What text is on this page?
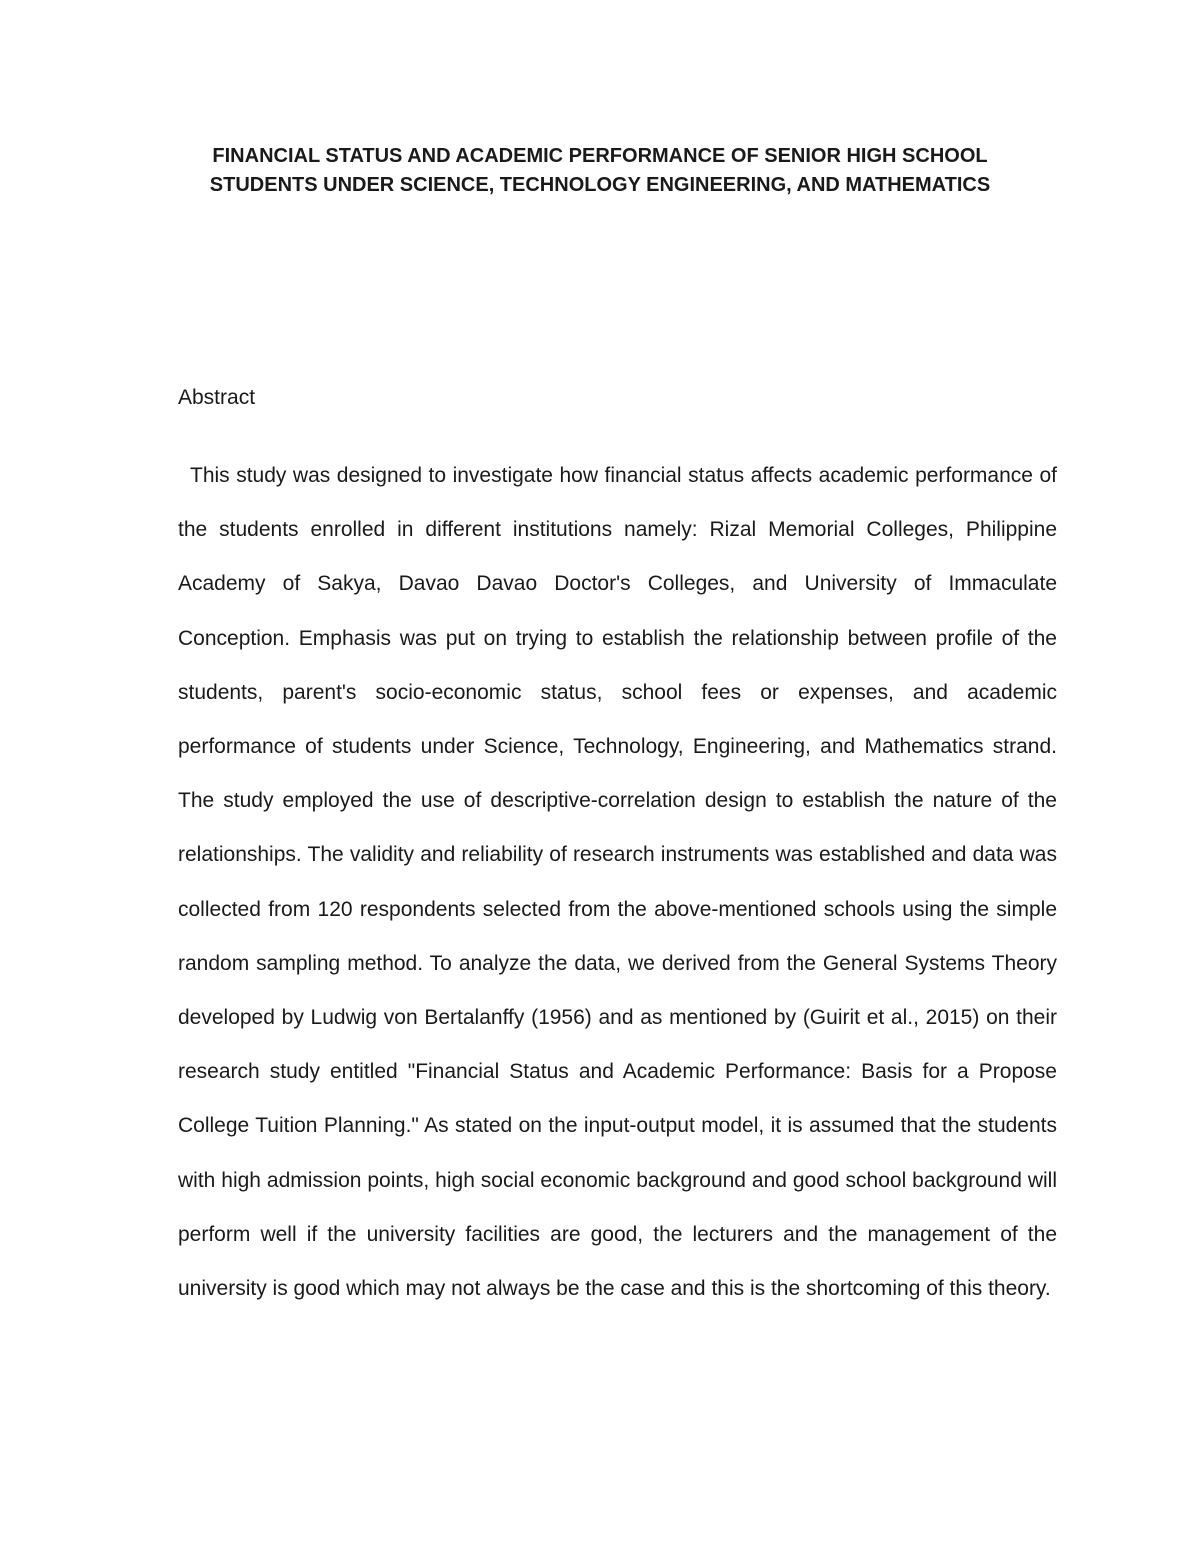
FINANCIAL STATUS AND ACADEMIC PERFORMANCE OF SENIOR HIGH SCHOOL STUDENTS UNDER SCIENCE, TECHNOLOGY ENGINEERING, AND MATHEMATICS
Abstract

This study was designed to investigate how financial status affects academic performance of the students enrolled in different institutions namely: Rizal Memorial Colleges, Philippine Academy of Sakya, Davao Davao Doctor's Colleges, and University of Immaculate Conception. Emphasis was put on trying to establish the relationship between profile of the students, parent's socio-economic status, school fees or expenses, and academic performance of students under Science, Technology, Engineering, and Mathematics strand. The study employed the use of descriptive-correlation design to establish the nature of the relationships. The validity and reliability of research instruments was established and data was collected from 120 respondents selected from the above-mentioned schools using the simple random sampling method. To analyze the data, we derived from the General Systems Theory developed by Ludwig von Bertalanffy (1956) and as mentioned by (Guirit et al., 2015) on their research study entitled "Financial Status and Academic Performance: Basis for a Propose College Tuition Planning." As stated on the input-output model, it is assumed that the students with high admission points, high social economic background and good school background will perform well if the university facilities are good, the lecturers and the management of the university is good which may not always be the case and this is the shortcoming of this theory.
